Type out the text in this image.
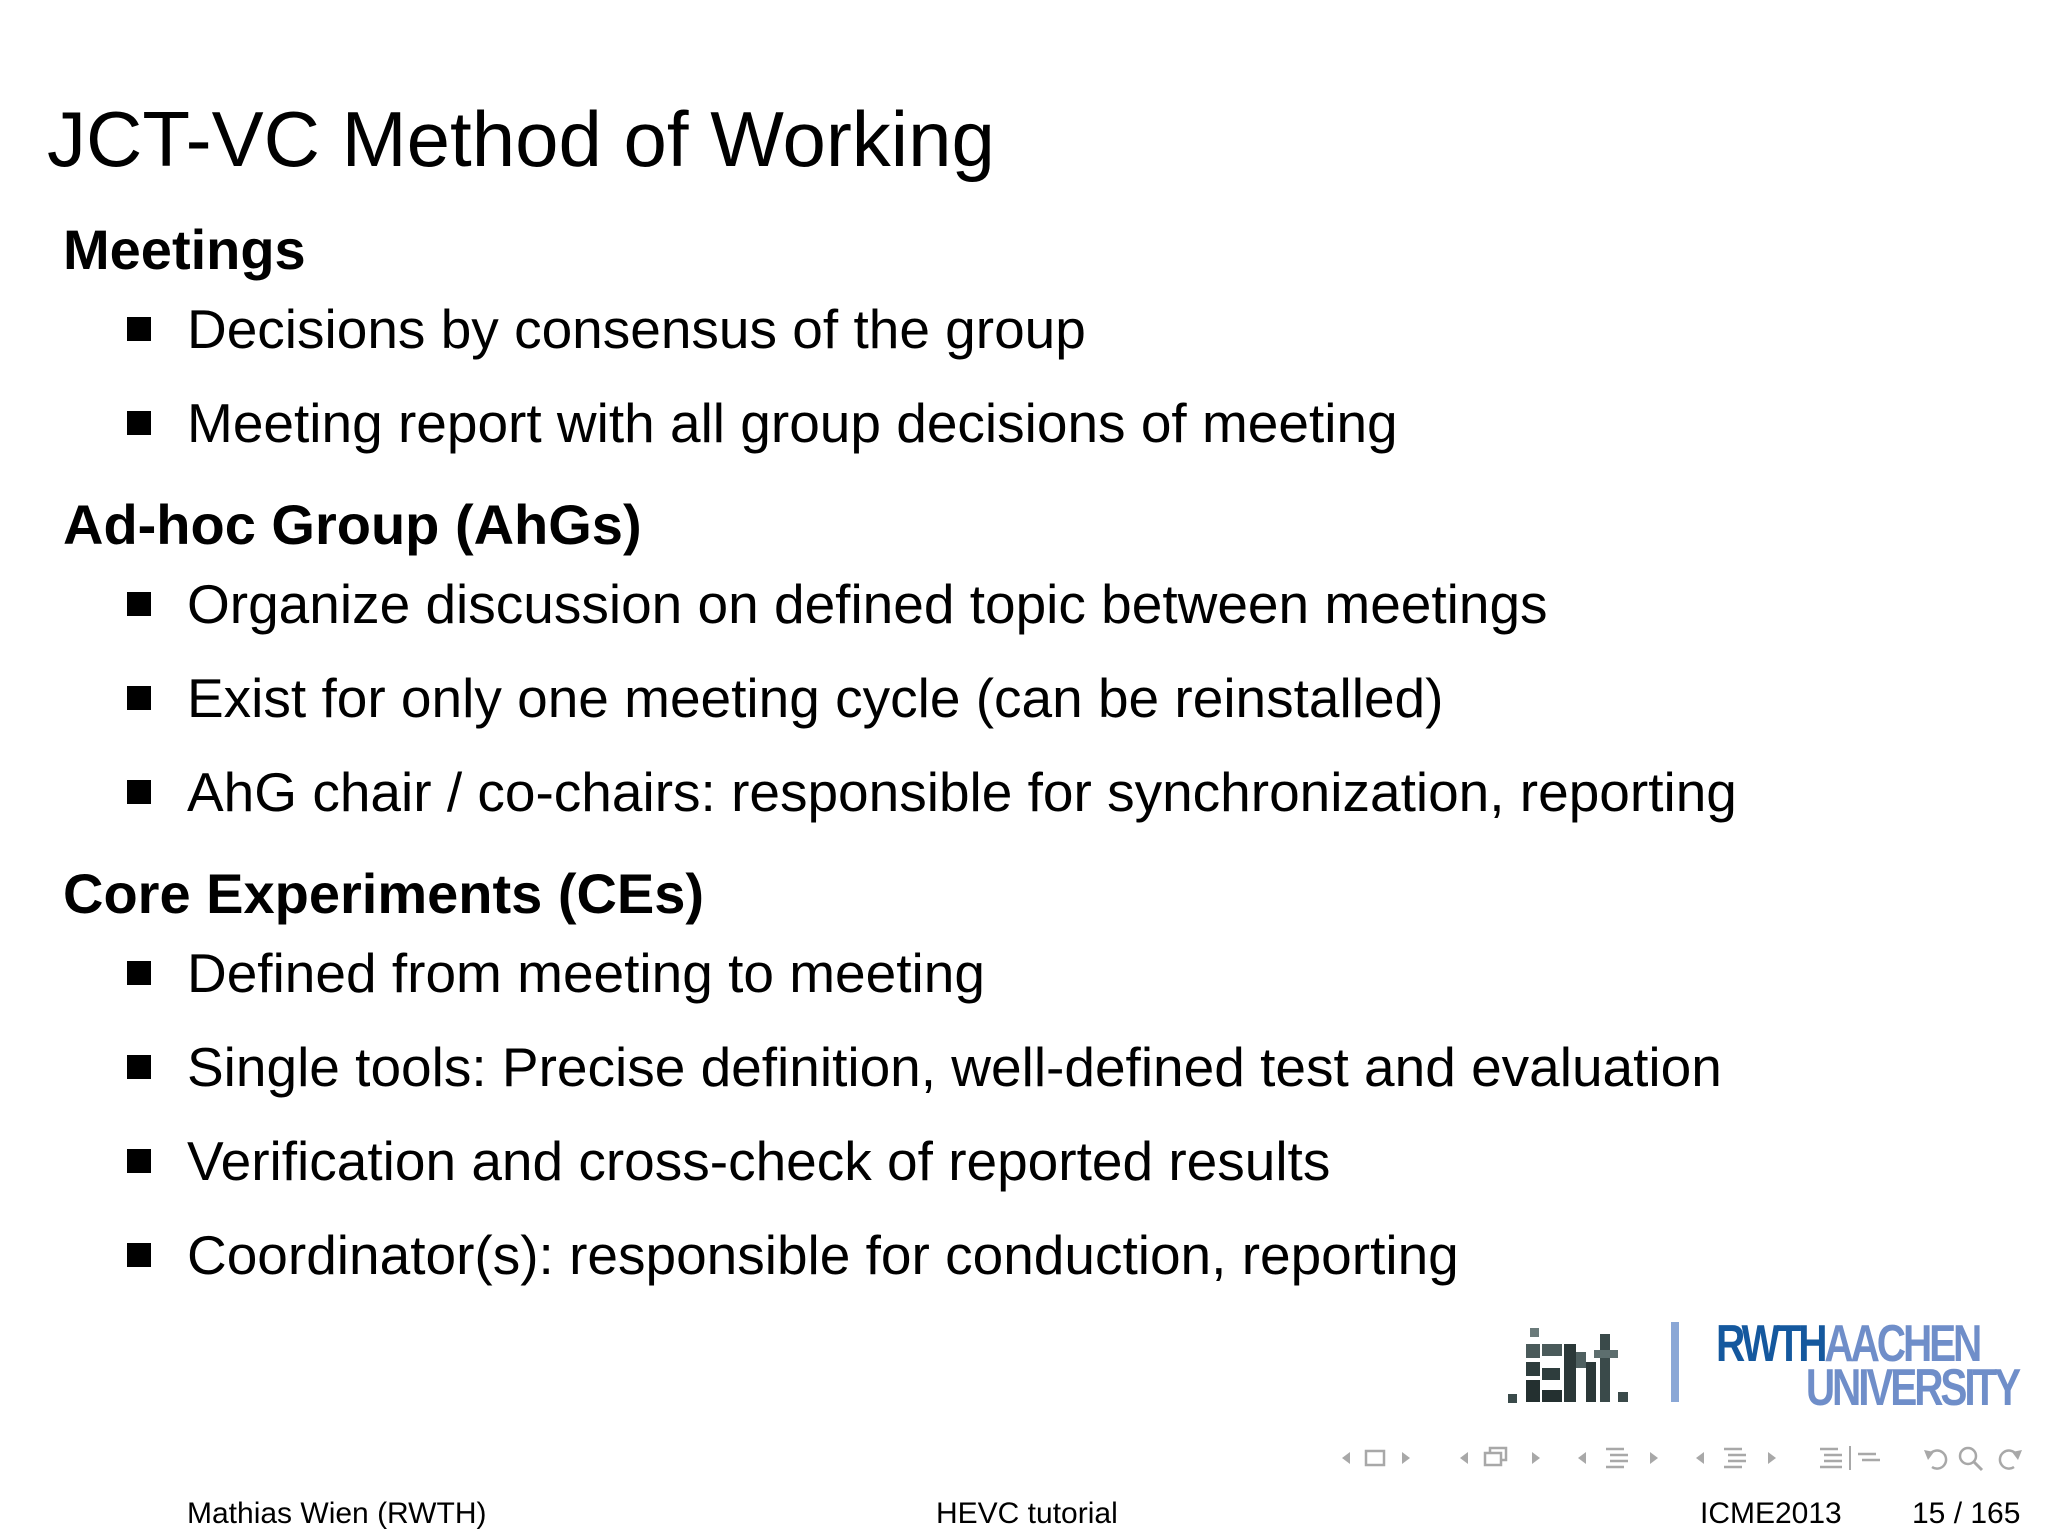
JCT-VC Method of Working
Meetings
Decisions by consensus of the group
Meeting report with all group decisions of meeting
Ad-hoc Group (AhGs)
Organize discussion on defined topic between meetings
Exist for only one meeting cycle (can be reinstalled)
AhG chair / co-chairs: responsible for synchronization, reporting
Core Experiments (CEs)
Defined from meeting to meeting
Single tools: Precise definition, well-defined test and evaluation
Verification and cross-check of reported results
Coordinator(s): responsible for conduction, reporting
RWTHAACHEN
UNIVERSITY
Mathias Wien (RWTH)	HEVC tutorial	ICME2013 15 / 165
